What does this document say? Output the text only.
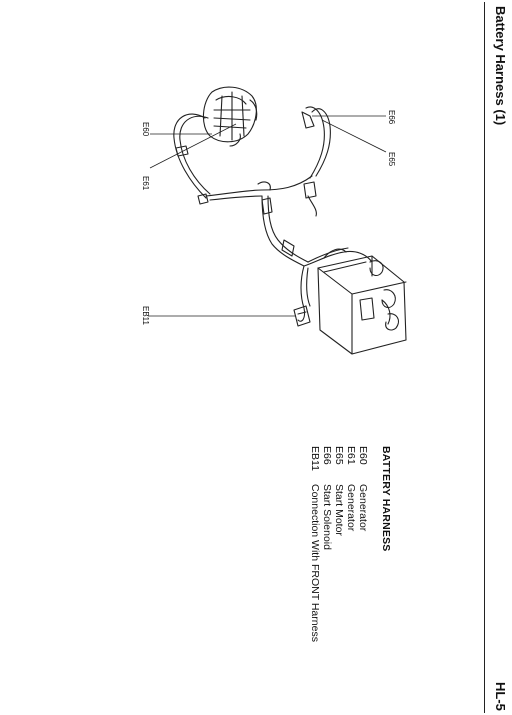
Battery Harness (1)
HL-5
E60
E61
E66
E65
EB11
BATTERY HARNESS
E60
Generator
E61
Generator
E65
Start Motor
E66
Start Solenoid
EB11
Connection With FRONT Harness
